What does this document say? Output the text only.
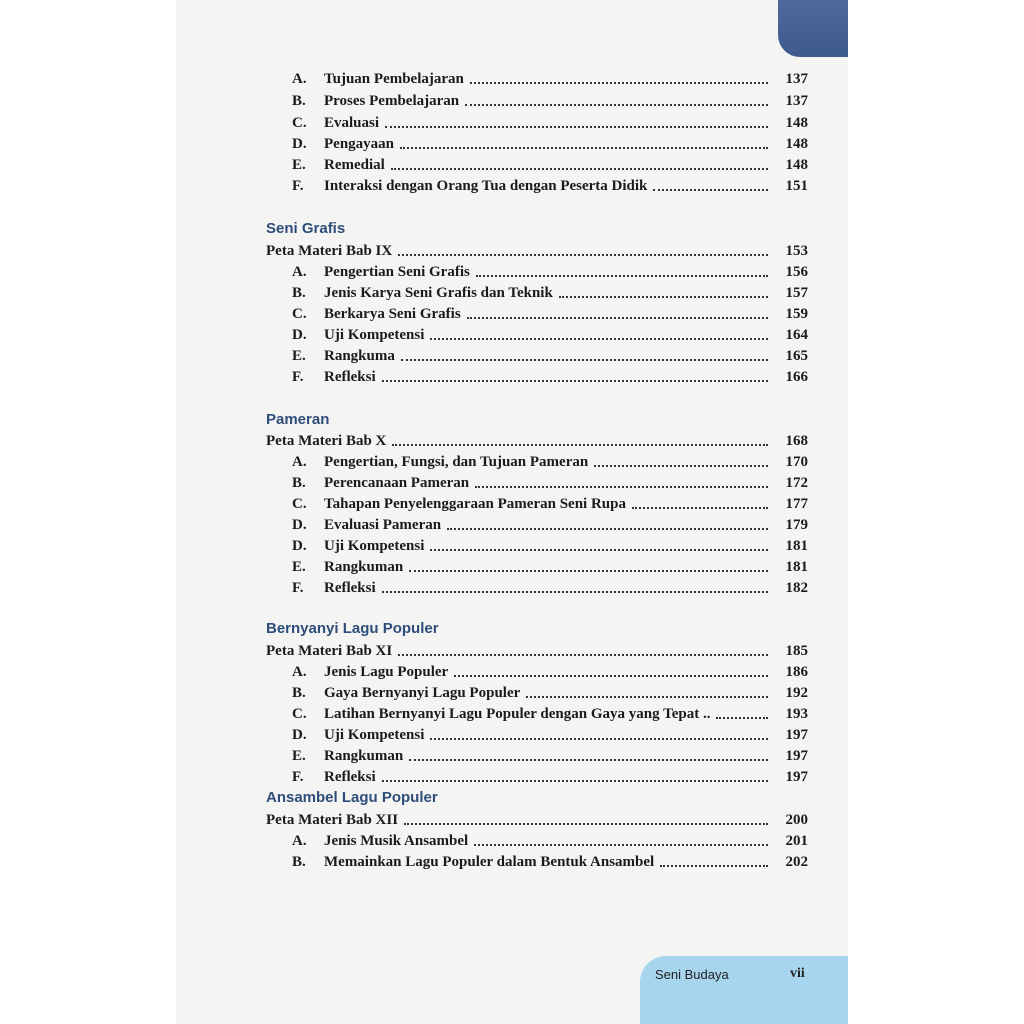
A.	Tujuan Pembelajaran	137
B.	Proses Pembelajaran	137
C.	Evaluasi	148
D.	Pengayaan	148
E.	Remedial	148
F.	Interaksi dengan Orang Tua dengan Peserta Didik	151
Seni Grafis
Peta Materi Bab IX	153
A.	Pengertian Seni Grafis	156
B.	Jenis Karya Seni Grafis dan Teknik	157
C.	Berkarya Seni Grafis	159
D.	Uji Kompetensi	164
E.	Rangkuma	165
F.	Refleksi	166
Pameran
Peta Materi Bab X	168
A.	Pengertian, Fungsi, dan Tujuan Pameran	170
B.	Perencanaan Pameran	172
C.	Tahapan Penyelenggaraan Pameran Seni Rupa	177
D.	Evaluasi Pameran	179
D.	Uji Kompetensi	181
E.	Rangkuman	181
F.	Refleksi	182
Bernyanyi Lagu Populer
Peta Materi Bab XI	185
A.	Jenis Lagu Populer	186
B.	Gaya Bernyanyi Lagu Populer	192
C.	Latihan Bernyanyi Lagu Populer dengan Gaya yang Tepat ..	193
D.	Uji Kompetensi	197
E.	Rangkuman	197
F.	Refleksi	197
Ansambel Lagu Populer
Peta Materi Bab XII	200
A.	Jenis Musik Ansambel	201
B.	Memainkan Lagu Populer dalam Bentuk Ansambel	202
Seni Budaya	vii
